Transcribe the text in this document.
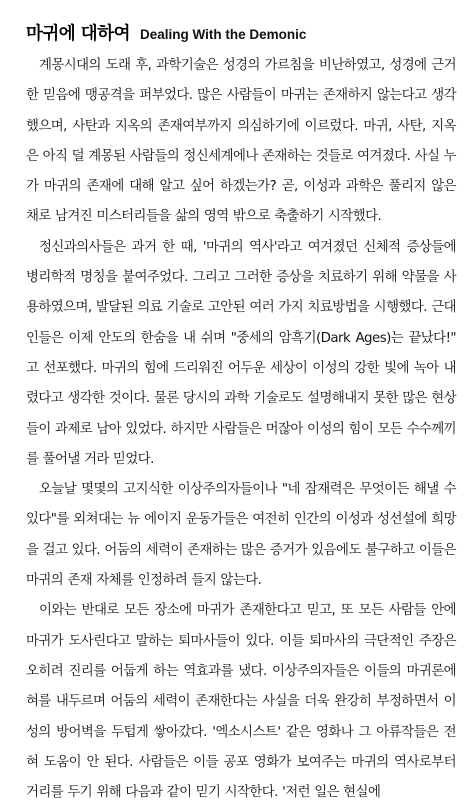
마귀에 대하여 Dealing With the Demonic

계몽시대의 도래 후, 과학기술은 성경의 가르침을 비난하였고, 성경에 근거한 믿음에 맹공격을 퍼부었다. 많은 사람들이 마귀는 존재하지 않는다고 생각했으며, 사탄과 지옥의 존재여부까지 의심하기에 이르렀다. 마귀, 사탄, 지옥은 아직 덜 계몽된 사람들의 정신세계에나 존재하는 것들로 여겨졌다. 사실 누가 마귀의 존재에 대해 알고 싶어 하겠는가? 곧, 이성과 과학은 풀리지 않은 채로 남겨진 미스터리들을 삶의 영역 밖으로 축출하기 시작했다.

정신과의사들은 과거 한 때, '마귀의 역사'라고 여겨졌던 신체적 증상들에 병리학적 명칭을 붙여주었다. 그리고 그러한 증상을 치료하기 위해 약물을 사용하였으며, 발달된 의료 기술로 고안된 여러 가지 치료방법을 시행했다. 근대인들은 이제 안도의 한숨을 내 쉬며 "중세의 암흑기(Dark Ages)는 끝났다!" 고 선포했다. 마귀의 힘에 드리워진 어두운 세상이 이성의 강한 빛에 녹아 내렸다고 생각한 것이다. 물론 당시의 과학 기술로도 설명해내지 못한 많은 현상들이 과제로 남아 있었다. 하지만 사람들은 머잖아 이성의 힘이 모든 수수께끼를 풀어낼 거라 믿었다.

오늘날 몇몇의 고지식한 이상주의자들이나 "네 잠재력은 무엇이든 해낼 수 있다"를 외쳐대는 뉴 에이지 운동가들은 여전히 인간의 이성과 성선설에 희망을 걸고 있다. 어둠의 세력이 존재하는 많은 증거가 있음에도 불구하고 이들은 마귀의 존재 자체를 인정하려 들지 않는다.

이와는 반대로 모든 장소에 마귀가 존재한다고 믿고, 또 모든 사람들 안에 마귀가 도사린다고 말하는 퇴마사들이 있다. 이들 퇴마사의 극단적인 주장은 오히려 진리를 어둡게 하는 역효과를 냈다. 이상주의자들은 이들의 마귀론에 혀를 내두르며 어둠의 세력이 존재한다는 사실을 더욱 완강히 부정하면서 이성의 방어벽을 두텁게 쌓아갔다. '엑소시스트' 같은 영화나 그 아류작들은 전혀 도움이 안 된다. 사람들은 이들 공포 영화가 보여주는 마귀의 역사로부터 거리를 두기 위해 다음과 같이 믿기 시작한다. '저런 일은 현실에
